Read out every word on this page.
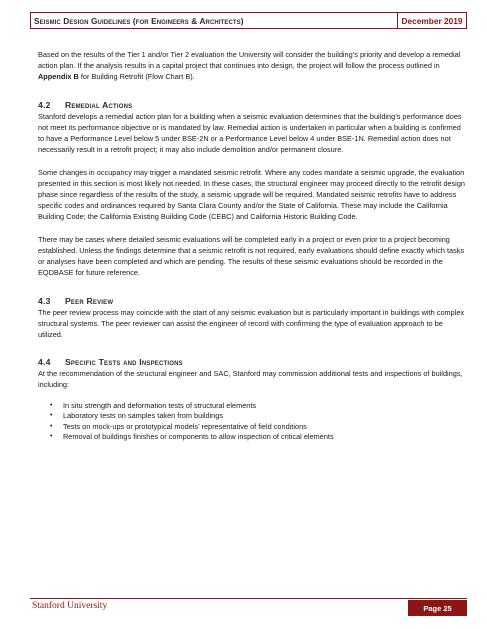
Seismic Design Guidelines (for Engineers & Architects)	December 2019

Based on the results of the Tier 1 and/or Tier 2 evaluation the University will consider the building’s priority and develop a remedial action plan. If the analysis results in a capital project that continues into design, the project will follow the process outlined in Appendix B for Building Retrofit (Flow Chart B).

4.2	Remedial Actions

Stanford develops a remedial action plan for a building when a seismic evaluation determines that the building’s performance does not meet its performance objective or is mandated by law. Remedial action is undertaken in particular when a building is confirmed to have a Performance Level below 5 under BSE-2N or a Performance Level below 4 under BSE-1N. Remedial action does not necessarily result in a retrofit project; it may also include demolition and/or permanent closure.

Some changes in occupancy may trigger a mandated seismic retrofit. Where any codes mandate a seismic upgrade, the evaluation presented in this section is most likely not needed. In these cases, the structural engineer may proceed directly to the retrofit design phase since regardless of the results of the study, a seismic upgrade will be required. Mandated seismic retrofits have to address specific codes and ordinances required by Santa Clara County and/or the State of California. These may include the California Building Code; the California Existing Building Code (CEBC) and California Historic Building Code.

There may be cases where detailed seismic evaluations will be completed early in a project or even prior to a project becoming established. Unless the findings determine that a seismic retrofit is not required, early evaluations should define exactly which tasks or analyses have been completed and which are pending. The results of these seismic evaluations should be recorded in the EQDBASE for future reference.

4.3	Peer Review

The peer review process may coincide with the start of any seismic evaluation but is particularly important in buildings with complex structural systems. The peer reviewer can assist the engineer of record with confirming the type of evaluation approach to be utilized.

4.4	Specific Tests and Inspections

At the recommendation of the structural engineer and SAC, Stanford may commission additional tests and inspections of buildings, including:

• In situ strength and deformation tests of structural elements
• Laboratory tests on samples taken from buildings
• Tests on mock-ups or prototypical models’ representative of field conditions
• Removal of buildings finishes or components to allow inspection of critical elements
Stanford University	Page 25
